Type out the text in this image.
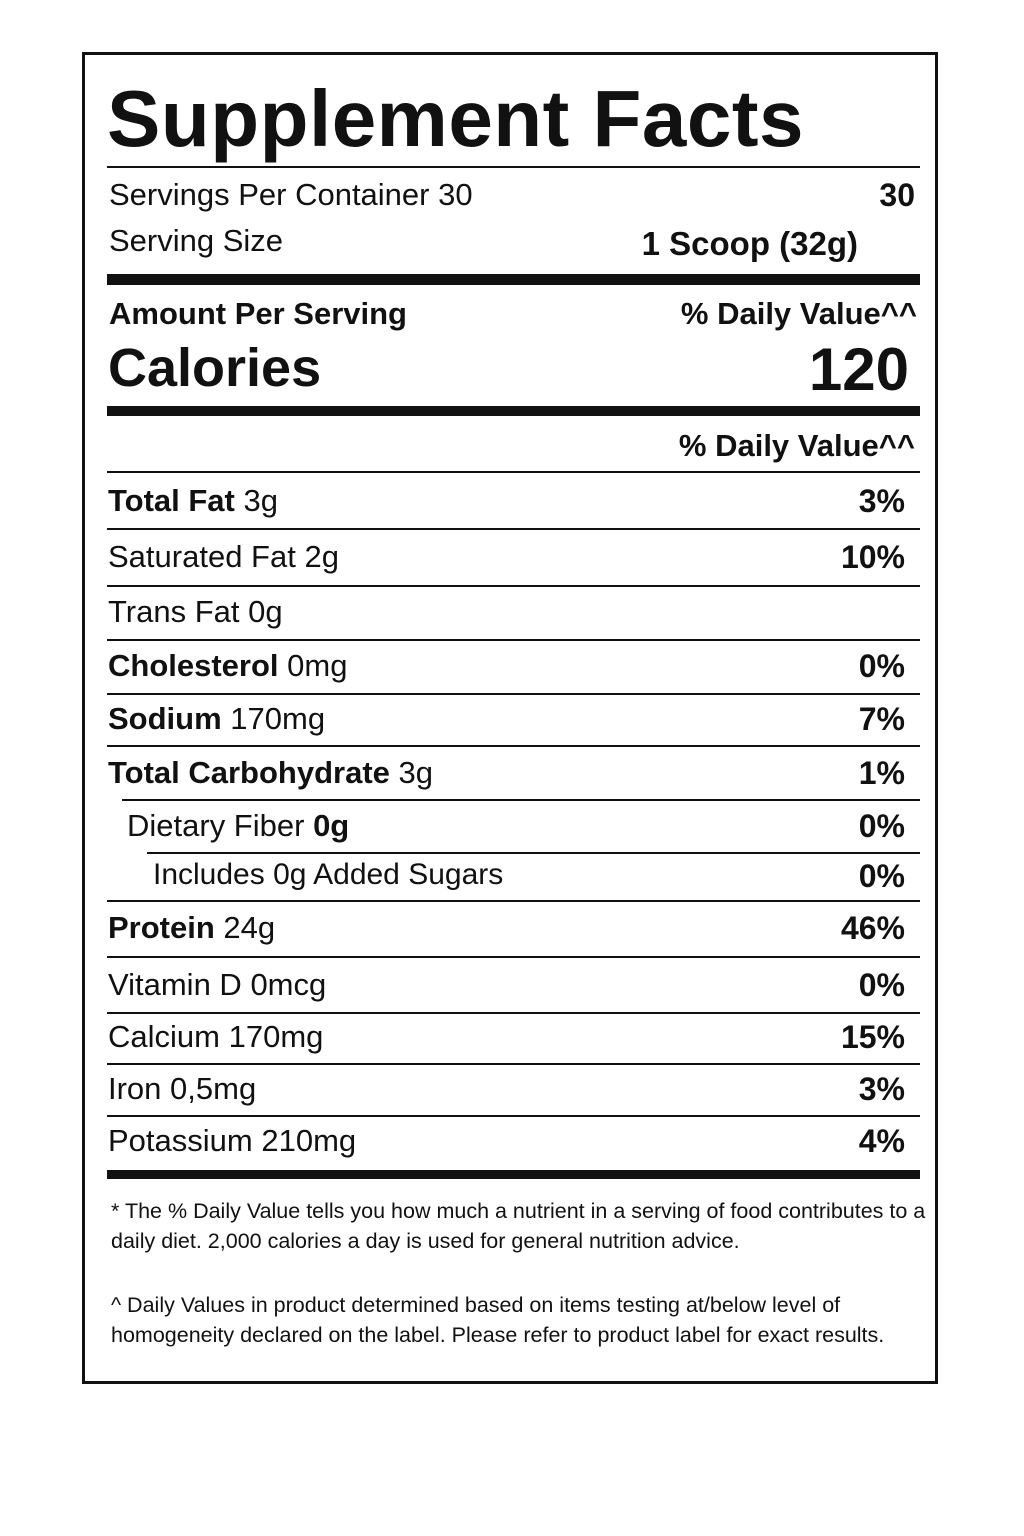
Supplement Facts
Servings Per Container 30	30
Serving Size	1 Scoop (32g)
Amount Per Serving	% Daily Value^^
Calories	120
% Daily Value^^
Total Fat 3g	3%
Saturated Fat 2g	10%
Trans Fat 0g
Cholesterol 0mg	0%
Sodium 170mg	7%
Total Carbohydrate 3g	1%
Dietary Fiber 0g	0%
Includes 0g Added Sugars	0%
Protein 24g	46%
Vitamin D 0mcg	0%
Calcium 170mg	15%
Iron 0,5mg	3%
Potassium 210mg	4%
* The % Daily Value tells you how much a nutrient in a serving of food contributes to a daily diet. 2,000 calories a day is used for general nutrition advice.
^ Daily Values in product determined based on items testing at/below level of homogeneity declared on the label. Please refer to product label for exact results.
